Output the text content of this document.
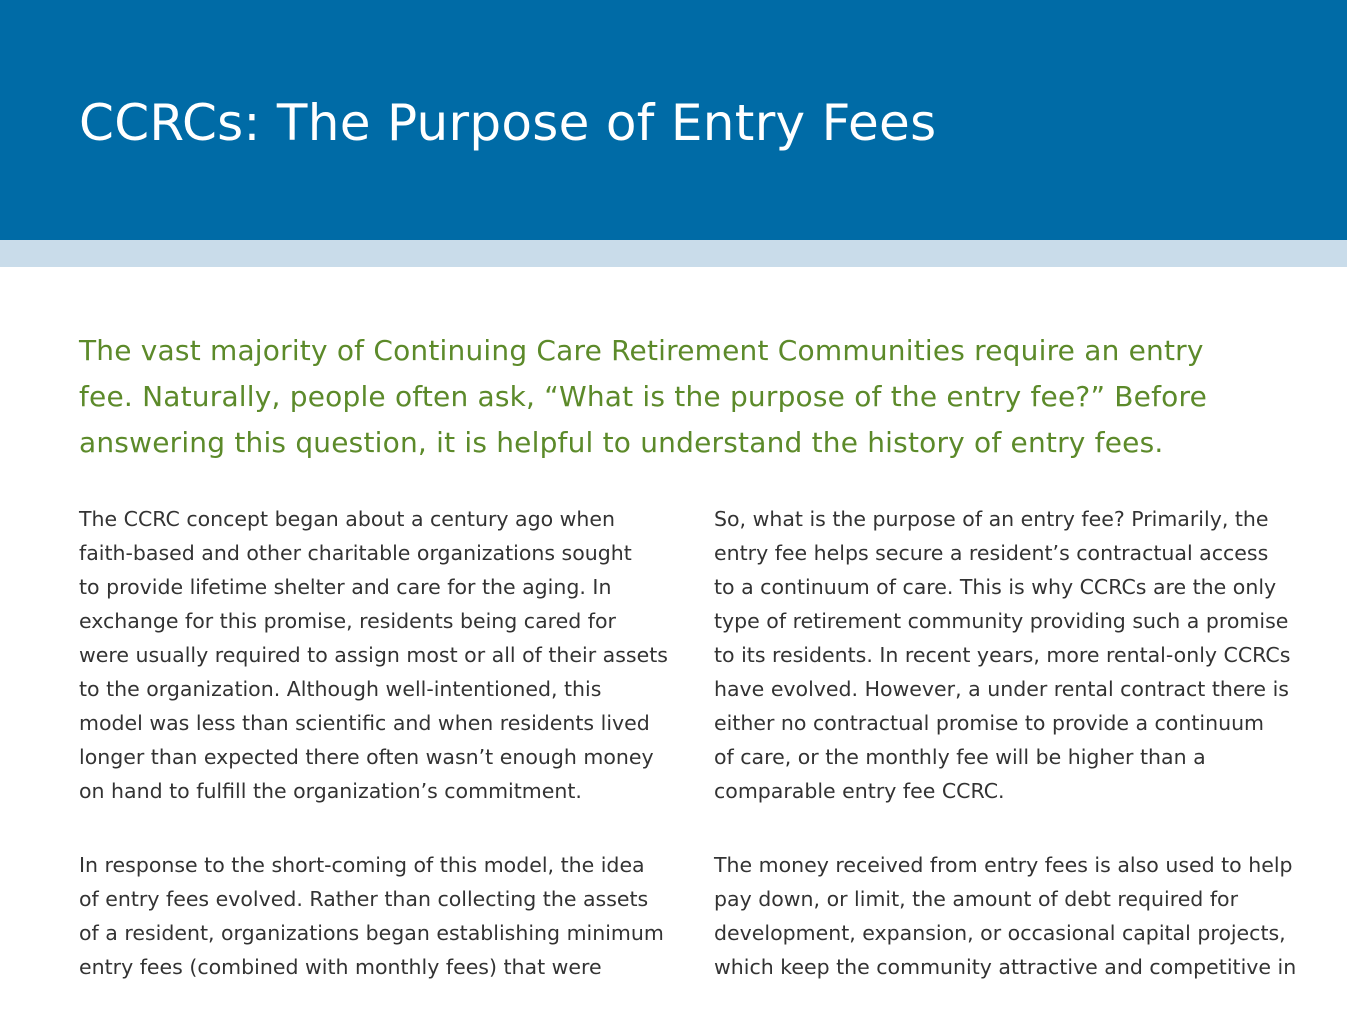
CCRCs: The Purpose of Entry Fees

The vast majority of Continuing Care Retirement Communities require an entry
fee. Naturally, people often ask, “What is the purpose of the entry fee?” Before
answering this question, it is helpful to understand the history of entry fees.

The CCRC concept began about a century ago when
faith-based and other charitable organizations sought
to provide lifetime shelter and care for the aging. In
exchange for this promise, residents being cared for
were usually required to assign most or all of their assets
to the organization. Although well-intentioned, this
model was less than scientific and when residents lived
longer than expected there often wasn’t enough money
on hand to fulfill the organization’s commitment.

In response to the short-coming of this model, the idea
of entry fees evolved. Rather than collecting the assets
of a resident, organizations began establishing minimum
entry fees (combined with monthly fees) that were

So, what is the purpose of an entry fee? Primarily, the
entry fee helps secure a resident’s contractual access
to a continuum of care. This is why CCRCs are the only
type of retirement community providing such a promise
to its residents. In recent years, more rental-only CCRCs
have evolved. However, a under rental contract there is
either no contractual promise to provide a continuum
of care, or the monthly fee will be higher than a
comparable entry fee CCRC.

The money received from entry fees is also used to help
pay down, or limit, the amount of debt required for
development, expansion, or occasional capital projects,
which keep the community attractive and competitive in
